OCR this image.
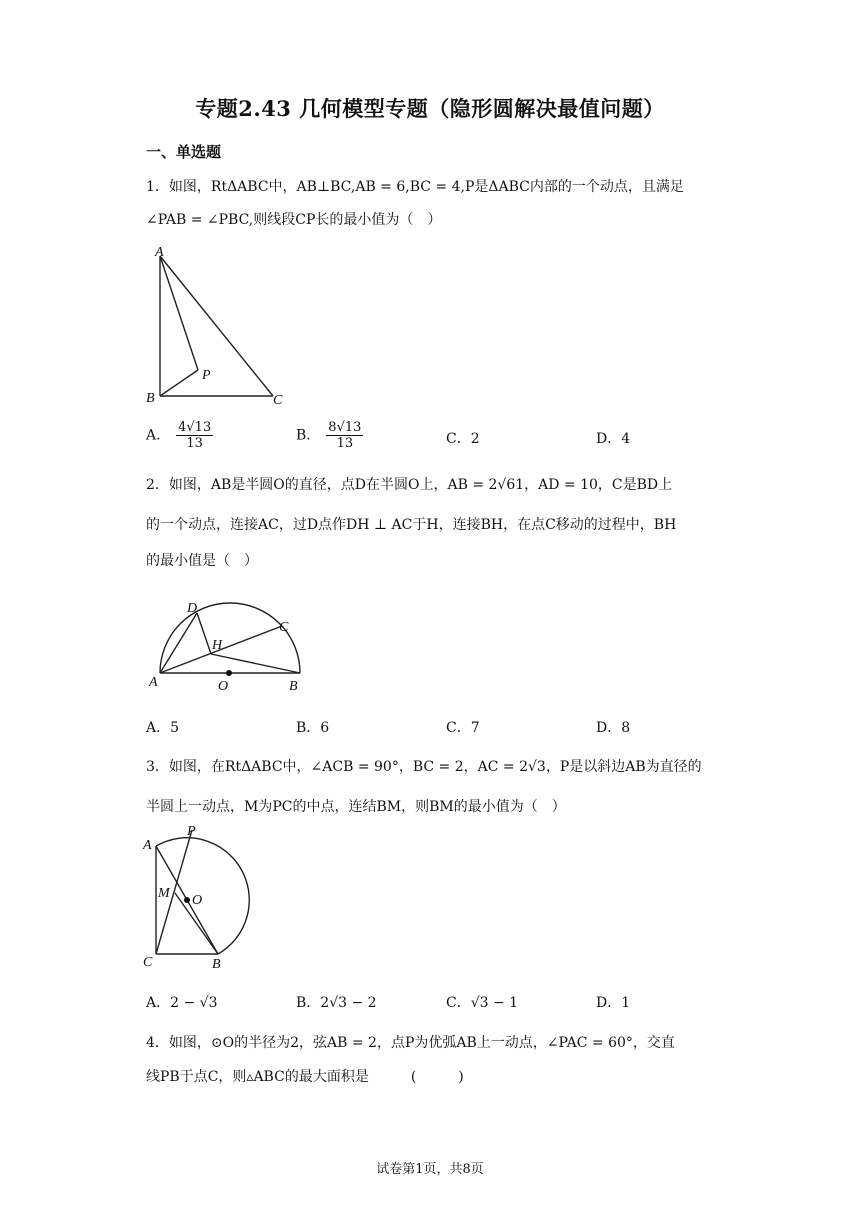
专题2.43 几何模型专题（隐形圆解决最值问题）
一、单选题
1．如图，RtΔABC中，AB⊥BC,AB = 6,BC = 4,P是ΔABC内部的一个动点，且满足
∠PAB = ∠PBC,则线段CP长的最小值为（　）
A
B	C
P
A． $\frac{4√13}{13}$	B． $\frac{8√13}{13}$	C．2	D．4
2．如图，AB是半圆O的直径，点D在半圆O上，AB = 2√61，AD = 10，C是BD上
的一个动点，连接AC，过D点作DH ⊥ AC于H，连接BH，在点C移动的过程中，BH
的最小值是（　）
D
C
H
A	O	B
A．5	B．6	C．7	D．8
3．如图，在RtΔABC中，∠ACB = 90°，BC = 2，AC = 2√3，P是以斜边AB为直径的
半圆上一动点，M为PC的中点，连结BM，则BM的最小值为（　）
A
P
M O
C	B
A．2 − √3	B．2√3 − 2	C．√3 − 1	D．1
4．如图，⊙O的半径为2，弦AB = 2，点P为优弧AB上一动点，∠PAC = 60°，交直
线PB于点C，则▵ABC的最大面积是　　　(　　　)
试卷第1页，共8页
